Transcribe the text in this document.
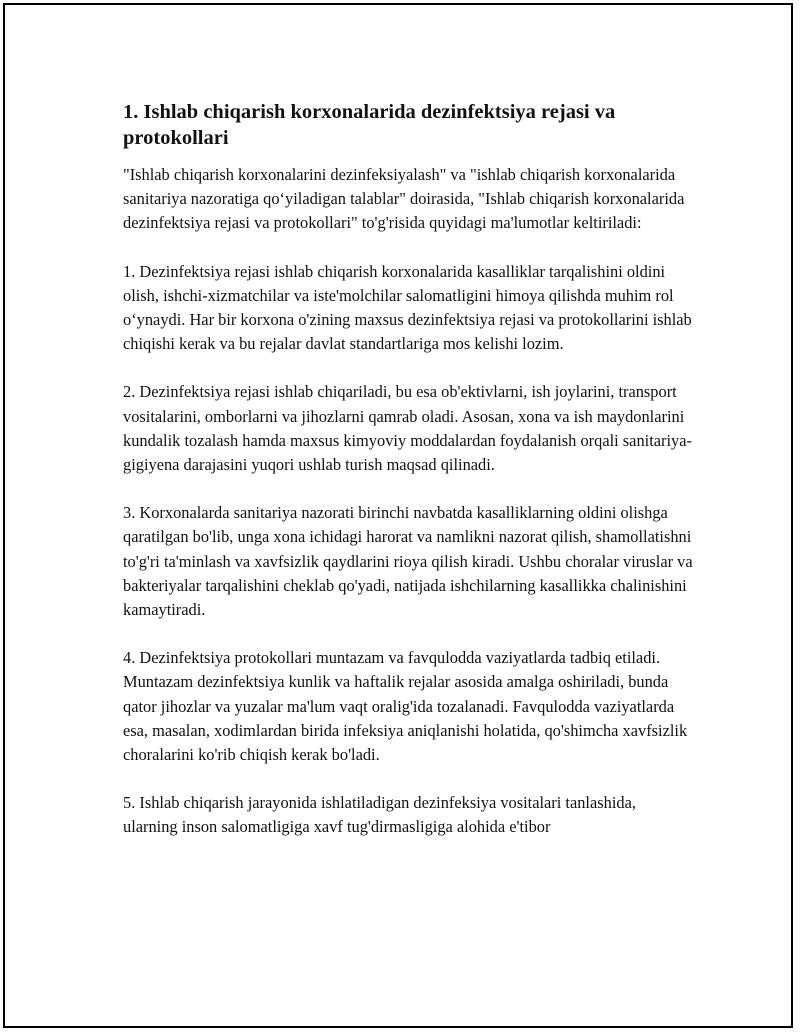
1. Ishlab chiqarish korxonalarida dezinfektsiya rejasi va protokollari

"Ishlab chiqarish korxonalarini dezinfeksiyalash" va "ishlab chiqarish korxonalarida sanitariya nazoratiga qo‘yiladigan talablar" doirasida, "Ishlab chiqarish korxonalarida dezinfektsiya rejasi va protokollari" to'g'risida quyidagi ma'lumotlar keltiriladi:

1. Dezinfektsiya rejasi ishlab chiqarish korxonalarida kasalliklar tarqalishini oldini olish, ishchi-xizmatchilar va iste'molchilar salomatligini himoya qilishda muhim rol o‘ynaydi. Har bir korxona o'zining maxsus dezinfektsiya rejasi va protokollarini ishlab chiqishi kerak va bu rejalar davlat standartlariga mos kelishi lozim.

2. Dezinfektsiya rejasi ishlab chiqariladi, bu esa ob'ektivlarni, ish joylarini, transport vositalarini, omborlarni va jihozlarni qamrab oladi. Asosan, xona va ish maydonlarini kundalik tozalash hamda maxsus kimyoviy moddalardan foydalanish orqali sanitariya-gigiyena darajasini yuqori ushlab turish maqsad qilinadi.

3. Korxonalarda sanitariya nazorati birinchi navbatda kasalliklarning oldini olishga qaratilgan bo'lib, unga xona ichidagi harorat va namlikni nazorat qilish, shamollatishni to'g'ri ta'minlash va xavfsizlik qaydlarini rioya qilish kiradi. Ushbu choralar viruslar va bakteriyalar tarqalishini cheklab qo'yadi, natijada ishchilarning kasallikka chalinishini kamaytiradi.

4. Dezinfektsiya protokollari muntazam va favqulodda vaziyatlarda tadbiq etiladi. Muntazam dezinfektsiya kunlik va haftalik rejalar asosida amalga oshiriladi, bunda qator jihozlar va yuzalar ma'lum vaqt oralig'ida tozalanadi. Favqulodda vaziyatlarda esa, masalan, xodimlardan birida infeksiya aniqlanishi holatida, qo'shimcha xavfsizlik choralarini ko'rib chiqish kerak bo'ladi.

5. Ishlab chiqarish jarayonida ishlatiladigan dezinfeksiya vositalari tanlashida, ularning inson salomatligiga xavf tug'dirmasligiga alohida e'tibor
